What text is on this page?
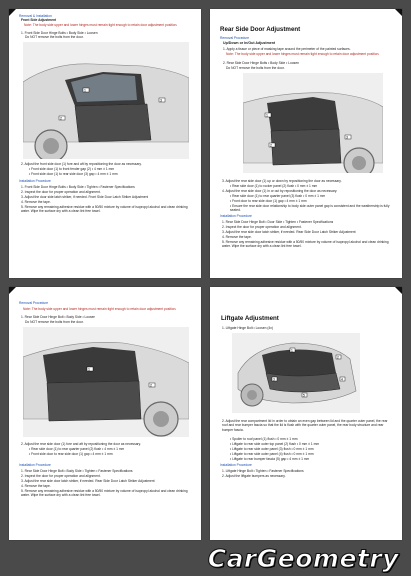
Removal & Installation
Front Side Adjustment
Note: The body side upper and lower hinges must remain tight enough to retain door adjustment position.
1. Front Side Door Hinge Bolts • Body Side • Loosen
Do NOT remove the bolts from the door.
1
2
3
2. Adjust the front side door (1) fore and aft by repositioning the door as necessary.
• Front side door (1) to front fender gap (2) • 4 mm ± 1 mm
• Front side door (1) to rear side door (3) gap • 4 mm ± 1 mm
Installation Procedure
1. Front Side Door Hinge Bolts • Body Side • Tighten • Fastener Specifications
2. Inspect the door for proper operation and alignment.
3. Adjust the door side latch striker, if needed. Front Side Door Latch Striker Adjustment
4. Remove the tape.
5. Remove any remaining adhesive residue with a 50/50 mixture by volume of isopropyl alcohol and clean drinking water. Wipe the surface dry with a clean lint free towel.
Rear Side Door Adjustment
Removal Procedure
Up/Down or In/Out Adjustment
1. Apply a tissue or piece of masking tape around the perimeter of the painted surfaces.
Note: The body side upper and lower hinges must remain tight enough to retain door adjustment position.
2. Rear Side Door Hinge Bolts • Body Side • Loosen
Do NOT remove the bolts from the door.
1
2
3
3. Adjust the rear side door (1) up or down by repositioning the door as necessary.
• Rear side door (1) to rocker panel (2) flush • 0 mm ± 1 mm
4. Adjust the rear side door (1) in or out by repositioning the door as necessary.
• Rear side door (1) to rear quarter panel (3) flush • 0 mm ± 1 mm
• Front door to rear side door (1) gap • 4 mm ± 1 mm
• Ensure the rear side door relationship to body side outer panel gap is consistent and the weatherstrip is fully seated.
Installation Procedure
1. Rear Side Door Hinge Bolt • Door Side • Tighten • Fastener Specifications
2. Inspect the door for proper operation and alignment.
3. Adjust the rear side door latch striker, if needed. Rear Side Door Latch Striker Adjustment
4. Remove the tape.
5. Remove any remaining adhesive residue with a 50/50 mixture by volume of isopropyl alcohol and clean drinking water. Wipe the surface dry with a clean lint free towel.
Removal Procedure
Note: The body side upper and lower hinges must remain tight enough to retain door adjustment position.
1. Rear Side Door Hinge Bolt • Body Side • Loosen
Do NOT remove the bolts from the door.
1
2
2. Adjust the rear side door (1) fore and aft by repositioning the door as necessary.
• Rear side door (1) to rear quarter panel (2) flush • 4 mm ± 1 mm
• Front side door to rear side door (1) gap • 4 mm ± 1 mm
Installation Procedure
1. Rear Side Door Hinge Bolt • Body Side • Tighten • Fastener Specifications
2. Inspect the door for proper operation and alignment.
3. Adjust the rear side door latch striker, if needed. Rear Side Door Latch Striker Adjustment
4. Remove the tape.
5. Remove any remaining adhesive residue with a 50/50 mixture by volume of isopropyl alcohol and clean drinking water. Wipe the surface dry with a clean lint free towel.
Liftgate Adjustment
1. Liftgate Hinge Bolt • Loosen (4x)
1
2
3	4
5
2. Adjust the rear compartment lid in order to obtain an even gap between lid and the quarter outer panel, the rear roof and rear bumper fascia so that the lid is flush with the quarter outer panel, the rear body structure and rear bumper fascia.
• Spoiler to roof panel (1) flush • 0 mm ± 1 mm
• Liftgate to rear side outer top panel (2) flush • 0 mm ± 1 mm
• Liftgate to rear side outer panel (3) flush • 0 mm ± 1 mm
• Liftgate to rear side outer panel (4) flush • 0 mm ± 1 mm
• Liftgate to rear bumper fascia (5) gap • 4 mm ± 1 mm
Installation Procedure
1. Liftgate Hinge Bolt • Tighten • Fastener Specifications
2. Adjust the liftgate bumpers as necessary.
CarGeometry
